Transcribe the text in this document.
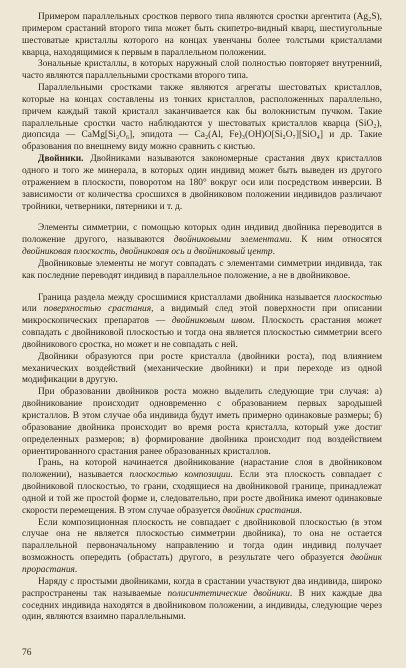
Примером параллельных сростков первого типа являются сростки аргентита (Ag₂S), примером срастаний второго типа может быть скипетро-видный кварц, шестиугольные шестоватые кристаллы которого на концах увенчаны более толстыми кристаллами кварца, находящимися к первым в параллельном положении.

Зональные кристаллы, в которых наружный слой полностью повторяет внутренний, часто являются параллельными сростками второго типа.

Параллельными сростками также являются агрегаты шестоватых кристаллов, которые на концах составлены из тонких кристаллов, расположенных параллельно, причем каждый такой кристалл заканчивается как бы волокнистым пучком. Такие параллельные сростки часто наблюдаются у шестоватых кристаллов кварца (SiO₂), диопсида — CaMg[Si₂O₆], эпидота — Ca₂(Al, Fe)₃(OH)O[Si₂O₇][SiO₄] и др. Такие образования по внешнему виду можно сравнить с кистью.

Двойники. Двойниками называются закономерные срастания двух кристаллов одного и того же минерала, в которых один индивид может быть выведен из другого отражением в плоскости, поворотом на 180° вокруг оси или посредством инверсии. В зависимости от количества сросшихся в двойниковом положении индивидов различают тройники, четверники, пятерники и т. д.

Элементы симметрии, с помощью которых один индивид двойника переводится в положение другого, называются двойниковыми элементами. К ним относятся двойниковая плоскость, двойниковая ось и двойниковый центр.

Двойниковые элементы не могут совпадать с элементами симметрии индивида, так как последние переводят индивид в параллельное положение, а не в двойниковое.

Граница раздела между сросшимися кристаллами двойника называется плоскостью или поверхностью срастания, а видимый след этой поверхности при описании микроскопических препаратов — двойниковым швом. Плоскость срастания может совпадать с двойниковой плоскостью и тогда она является плоскостью симметрии всего двойникового сростка, но может и не совпадать с ней.

Двойники образуются при росте кристалла (двойники роста), под влиянием механических воздействий (механические двойники) и при переходе из одной модификации в другую.

При образовании двойников роста можно выделить следующие три случая: а) двойникование происходит одновременно с образованием первых зародышей кристаллов. В этом случае оба индивида будут иметь примерно одинаковые размеры; б) образование двойника происходит во время роста кристалла, который уже достиг определенных размеров; в) формирование двойника происходит под воздействием ориентированного срастания ранее образованных кристаллов.

Грань, на которой начинается двойникование (нарастание слоя в двойниковом положении), называется плоскостью композиции. Если эта плоскость совпадает с двойниковой плоскостью, то грани, сходящиеся на двойниковой границе, принадлежат одной и той же простой форме и, следовательно, при росте двойника имеют одинаковые скорости перемещения. В этом случае образуется двойник срастания.

Если композиционная плоскость не совпадает с двойниковой плоскостью (в этом случае она не является плоскостью симметрии двойника), то она не остается параллельной первоначальному направлению и тогда один индивид получает возможность опередить (обрастать) другого, в результате чего образуется двойник прорастания.

Наряду с простыми двойниками, когда в срастании участвуют два индивида, широко распространены так называемые полисинтетические двойники. В них каждые два соседних индивида находятся в двойниковом положении, а индивиды, следующие через один, являются взаимно параллельными.

76
